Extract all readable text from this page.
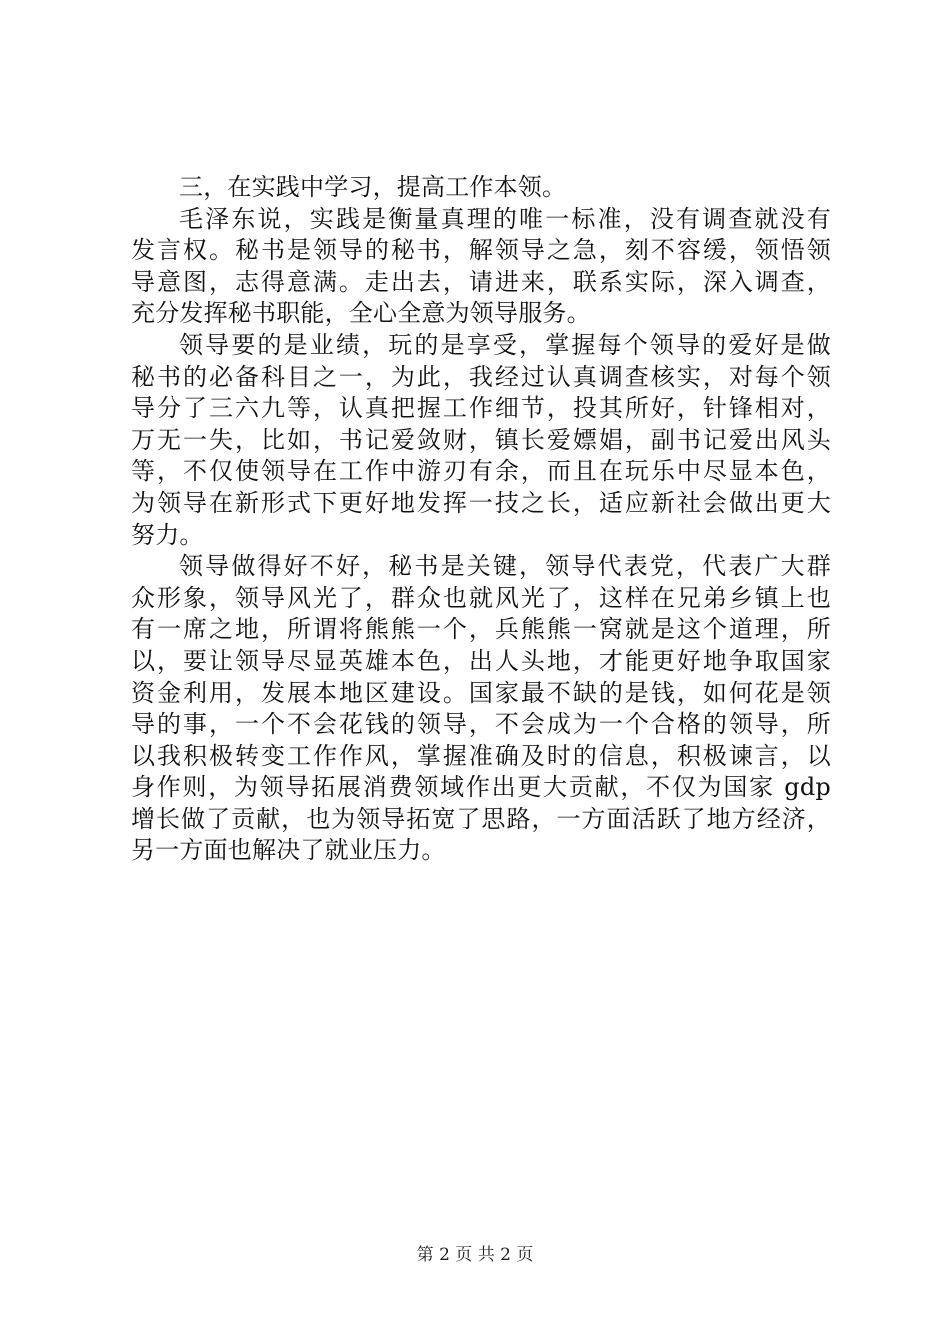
三，在实践中学习，提高工作本领。

毛泽东说，实践是衡量真理的唯一标准，没有调查就没有
发言权。秘书是领导的秘书，解领导之急，刻不容缓，领悟领
导意图，志得意满。走出去，请进来，联系实际，深入调查，
充分发挥秘书职能，全心全意为领导服务。

领导要的是业绩，玩的是享受，掌握每个领导的爱好是做
秘书的必备科目之一，为此，我经过认真调查核实，对每个领
导分了三六九等，认真把握工作细节，投其所好，针锋相对，
万无一失，比如，书记爱敛财，镇长爱嫖娼，副书记爱出风头
等，不仅使领导在工作中游刃有余，而且在玩乐中尽显本色，
为领导在新形式下更好地发挥一技之长，适应新社会做出更大
努力。

领导做得好不好，秘书是关键，领导代表党，代表广大群
众形象，领导风光了，群众也就风光了，这样在兄弟乡镇上也
有一席之地，所谓将熊熊一个，兵熊熊一窝就是这个道理，所
以，要让领导尽显英雄本色，出人头地，才能更好地争取国家
资金利用，发展本地区建设。国家最不缺的是钱，如何花是领
导的事，一个不会花钱的领导，不会成为一个合格的领导，所
以我积极转变工作作风，掌握准确及时的信息，积极谏言，以
身作则，为领导拓展消费领域作出更大贡献，不仅为国家 gdp
增长做了贡献，也为领导拓宽了思路，一方面活跃了地方经济，
另一方面也解决了就业压力。

第 2 页 共 2 页
